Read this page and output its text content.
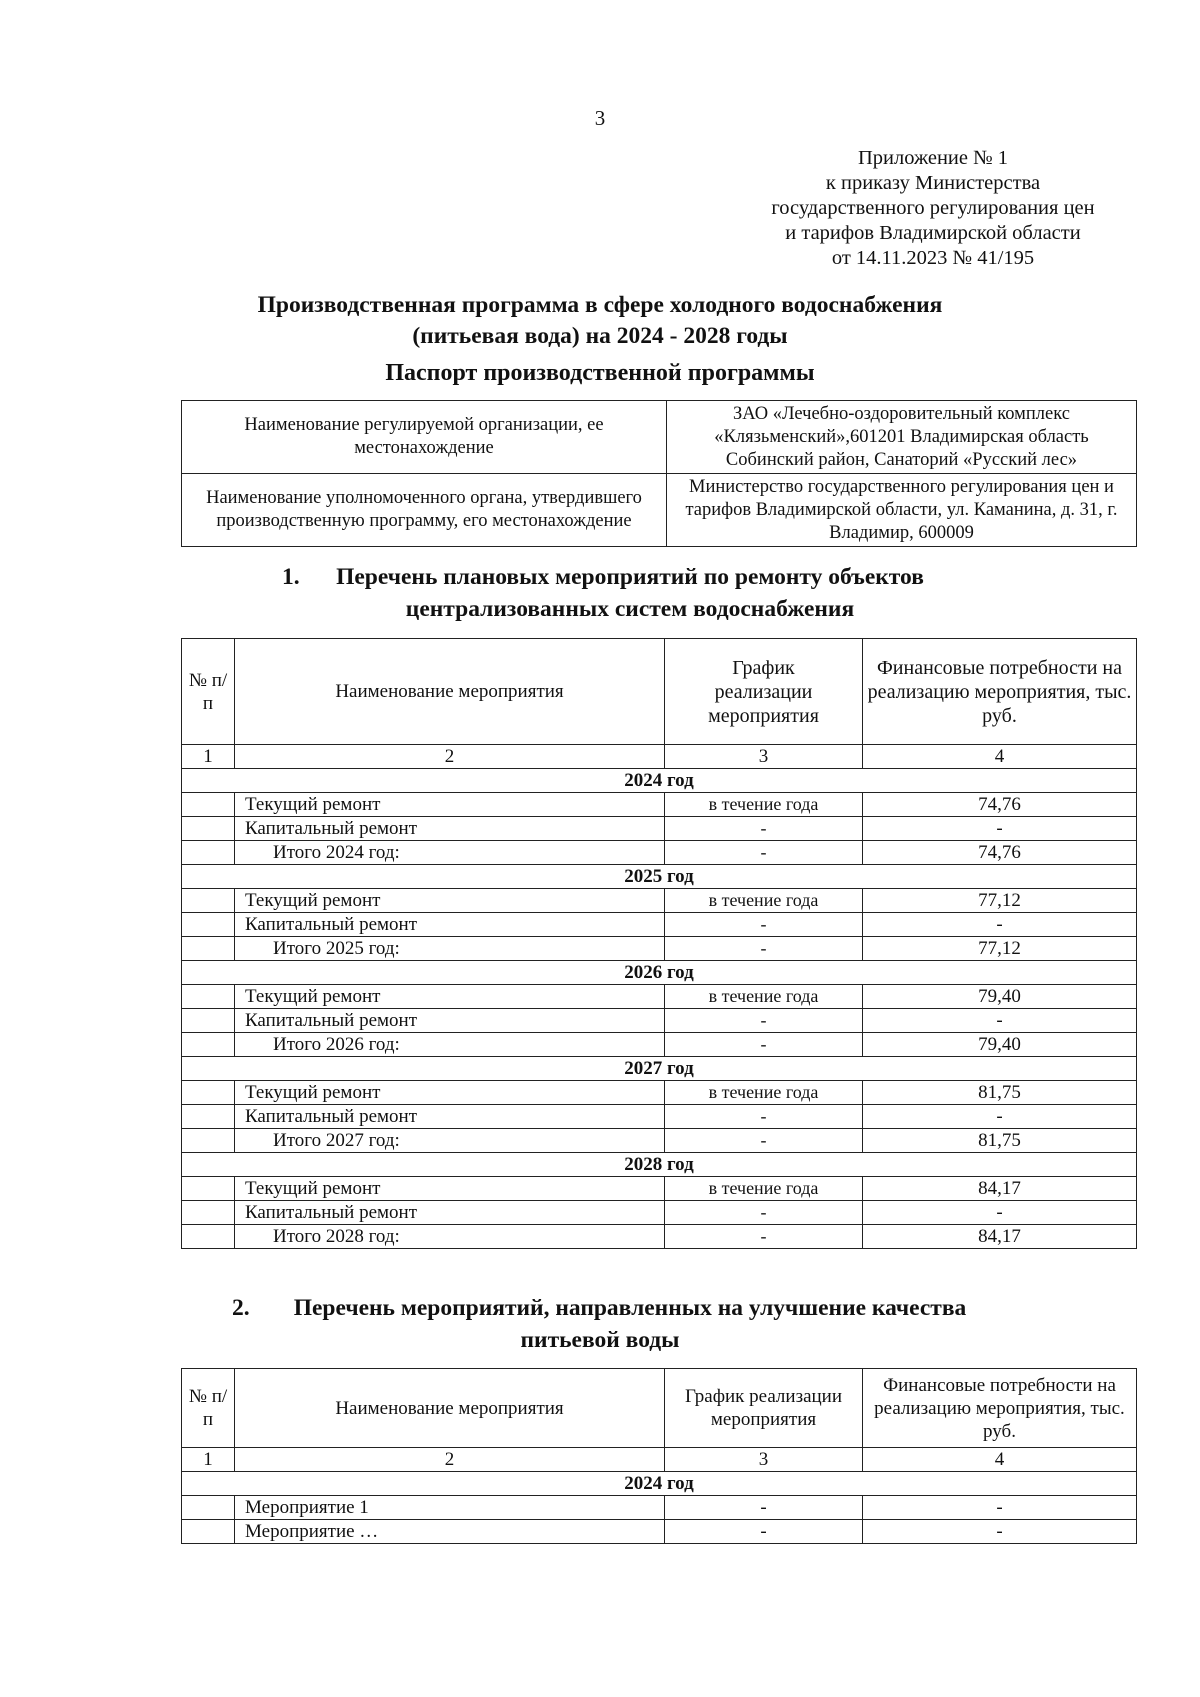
3
Приложение № 1
к приказу Министерства
государственного регулирования цен
и тарифов Владимирской области
от 14.11.2023 № 41/195
Производственная программа в сфере холодного водоснабжения
(питьевая вода) на 2024 - 2028 годы
Паспорт производственной программы
Наименование регулируемой организации, ее местонахождение	ЗАО «Лечебно-оздоровительный комплекс «Клязьменский»,601201 Владимирская область Собинский район, Санаторий «Русский лес»
Наименование уполномоченного органа, утвердившего производственную программу, его местонахождение	Министерство государственного регулирования цен и тарифов Владимирской области, ул. Каманина, д. 31, г. Владимир, 600009
1.	Перечень плановых мероприятий по ремонту объектов
централизованных систем водоснабжения
№ п/п	Наименование мероприятия	График реализации мероприятия	Финансовые потребности на реализацию мероприятия, тыс. руб.
1	2	3	4
2024 год			
	Текущий ремонт	в течение года	74,76
	Капитальный ремонт	-	-
	Итого 2024 год:	-	74,76
2025 год			
	Текущий ремонт	в течение года	77,12
	Капитальный ремонт	-	-
	Итого 2025 год:	-	77,12
2026 год			
	Текущий ремонт	в течение года	79,40
	Капитальный ремонт	-	-
	Итого 2026 год:	-	79,40
2027 год			
	Текущий ремонт	в течение года	81,75
	Капитальный ремонт	-	-
	Итого 2027 год:	-	81,75
2028 год			
	Текущий ремонт	в течение года	84,17
	Капитальный ремонт	-	-
	Итого 2028 год:	-	84,17
2.	Перечень мероприятий, направленных на улучшение качества
питьевой воды
№ п/п	Наименование мероприятия	График реализации мероприятия	Финансовые потребности на реализацию мероприятия, тыс. руб.
1	2	3	4
2024 год			
	Мероприятие 1	-	-
	Мероприятие …	-	-
